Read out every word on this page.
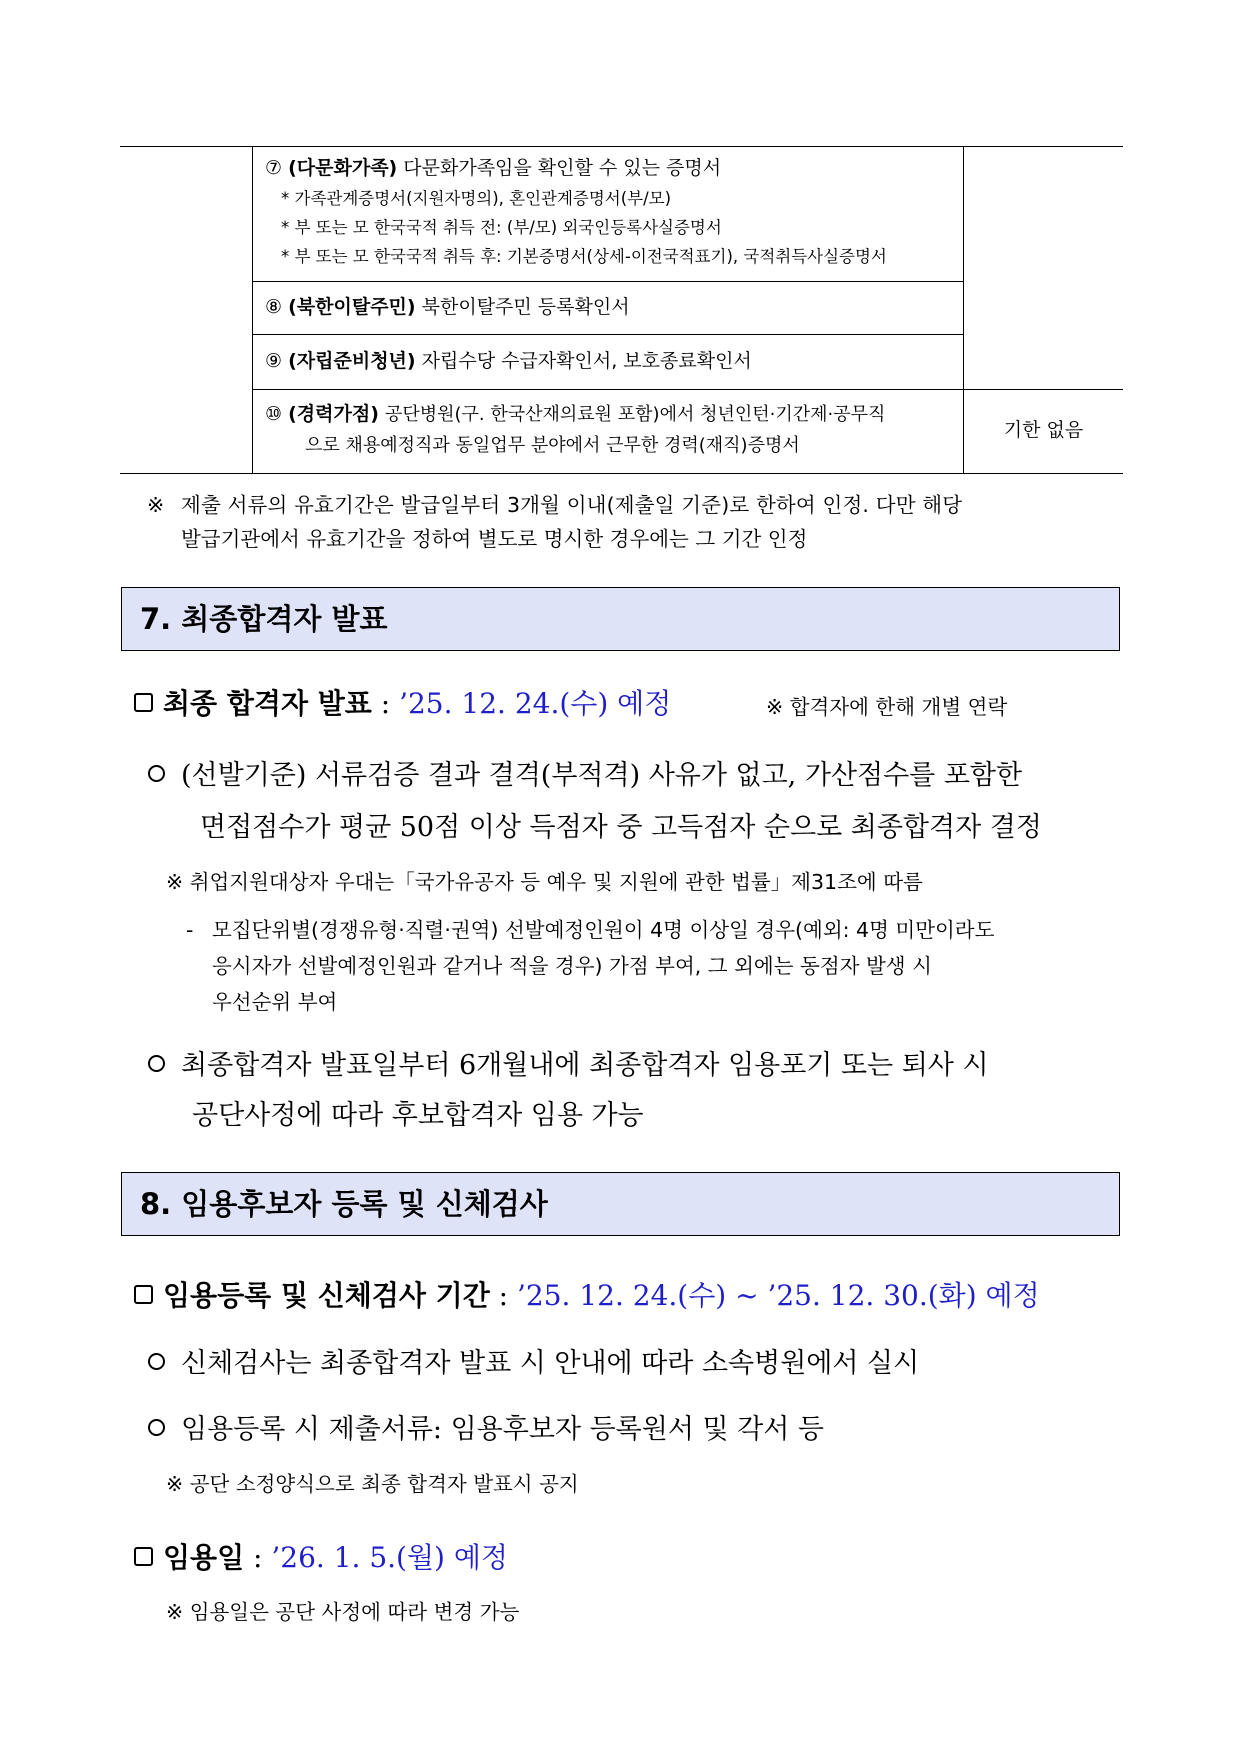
⑦ (다문화가족) 다문화가족임을 확인할 수 있는 증명서
* 가족관계증명서(지원자명의), 혼인관계증명서(부/모)
* 부 또는 모 한국국적 취득 전: (부/모) 외국인등록사실증명서
* 부 또는 모 한국국적 취득 후: 기본증명서(상세-이전국적표기), 국적취득사실증명서
⑧ (북한이탈주민) 북한이탈주민 등록확인서
⑨ (자립준비청년) 자립수당 수급자확인서, 보호종료확인서
⑩ (경력가점) 공단병원(구. 한국산재의료원 포함)에서 청년인턴·기간제·공무직
으로 채용예정직과 동일업무 분야에서 근무한 경력(재직)증명서
기한 없음
※ 제출 서류의 유효기간은 발급일부터 3개월 이내(제출일 기준)로 한하여 인정. 다만 해당
발급기관에서 유효기간을 정하여 별도로 명시한 경우에는 그 기간 인정
7. 최종합격자 발표
최종 합격자 발표 : ’25. 12. 24.(수) 예정	※ 합격자에 한해 개별 연락
(선발기준) 서류검증 결과 결격(부적격) 사유가 없고, 가산점수를 포함한
면접점수가 평균 50점 이상 득점자 중 고득점자 순으로 최종합격자 결정
※ 취업지원대상자 우대는「국가유공자 등 예우 및 지원에 관한 법률」제31조에 따름
- 모집단위별(경쟁유형·직렬·권역) 선발예정인원이 4명 이상일 경우(예외: 4명 미만이라도
응시자가 선발예정인원과 같거나 적을 경우) 가점 부여, 그 외에는 동점자 발생 시
우선순위 부여
최종합격자 발표일부터 6개월내에 최종합격자 임용포기 또는 퇴사 시
공단사정에 따라 후보합격자 임용 가능
8. 임용후보자 등록 및 신체검사
임용등록 및 신체검사 기간 : ’25. 12. 24.(수) ~ ’25. 12. 30.(화) 예정
신체검사는 최종합격자 발표 시 안내에 따라 소속병원에서 실시
임용등록 시 제출서류: 임용후보자 등록원서 및 각서 등
※ 공단 소정양식으로 최종 합격자 발표시 공지
임용일 : ’26. 1. 5.(월) 예정
※ 임용일은 공단 사정에 따라 변경 가능
